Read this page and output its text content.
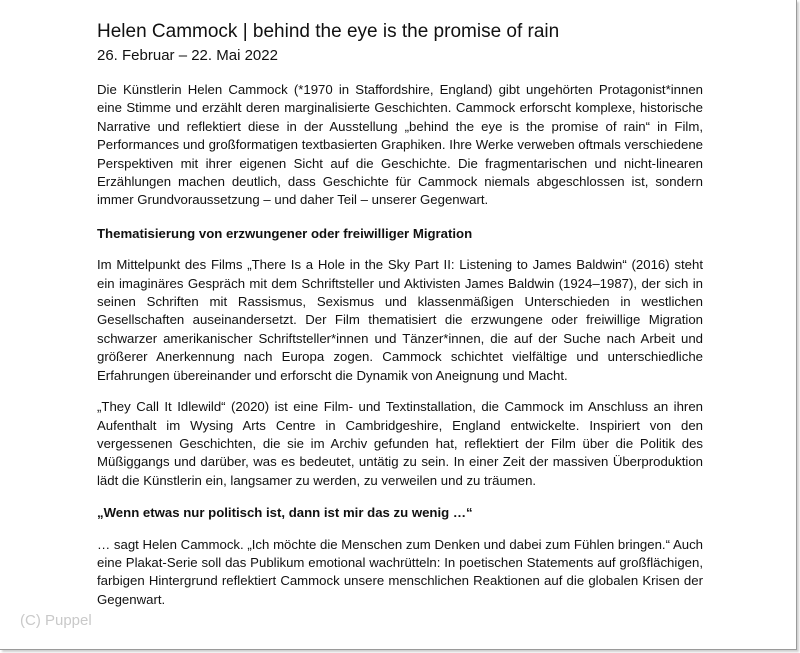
Helen Cammock | behind the eye is the promise of rain
26. Februar – 22. Mai 2022

Die Künstlerin Helen Cammock (*1970 in Staffordshire, England) gibt ungehörten Protagonist*innen eine Stimme und erzählt deren marginalisierte Geschichten. Cammock erforscht komplexe, historische Narrative und reflektiert diese in der Ausstellung „behind the eye is the promise of rain“ in Film, Performances und großformatigen textbasierten Graphiken. Ihre Werke verweben oftmals verschiedene Perspektiven mit ihrer eigenen Sicht auf die Geschichte. Die fragmentarischen und nicht-linearen Erzählungen machen deutlich, dass Geschichte für Cammock niemals abgeschlossen ist, sondern immer Grundvoraussetzung – und daher Teil – unserer Gegenwart.

Thematisierung von erzwungener oder freiwilliger Migration

Im Mittelpunkt des Films „There Is a Hole in the Sky Part II: Listening to James Baldwin“ (2016) steht ein imaginäres Gespräch mit dem Schriftsteller und Aktivisten James Baldwin (1924–1987), der sich in seinen Schriften mit Rassismus, Sexismus und klassenmäßigen Unterschieden in westlichen Gesellschaften auseinandersetzt. Der Film thematisiert die erzwungene oder freiwillige Migration schwarzer amerikanischer Schriftsteller*innen und Tänzer*innen, die auf der Suche nach Arbeit und größerer Anerkennung nach Europa zogen. Cammock schichtet vielfältige und unterschiedliche Erfahrungen übereinander und erforscht die Dynamik von Aneignung und Macht.

„They Call It Idlewild“ (2020) ist eine Film- und Textinstallation, die Cammock im Anschluss an ihren Aufenthalt im Wysing Arts Centre in Cambridgeshire, England entwickelte. Inspiriert von den vergessenen Geschichten, die sie im Archiv gefunden hat, reflektiert der Film über die Politik des Müßiggangs und darüber, was es bedeutet, untätig zu sein. In einer Zeit der massiven Überproduktion lädt die Künstlerin ein, langsamer zu werden, zu verweilen und zu träumen.

„Wenn etwas nur politisch ist, dann ist mir das zu wenig …“

… sagt Helen Cammock. „Ich möchte die Menschen zum Denken und dabei zum Fühlen bringen.“ Auch eine Plakat-Serie soll das Publikum emotional wachrütteln: In poetischen Statements auf großflächigen, farbigen Hintergrund reflektiert Cammock unsere menschlichen Reaktionen auf die globalen Krisen der Gegenwart.

(C) Puppel
